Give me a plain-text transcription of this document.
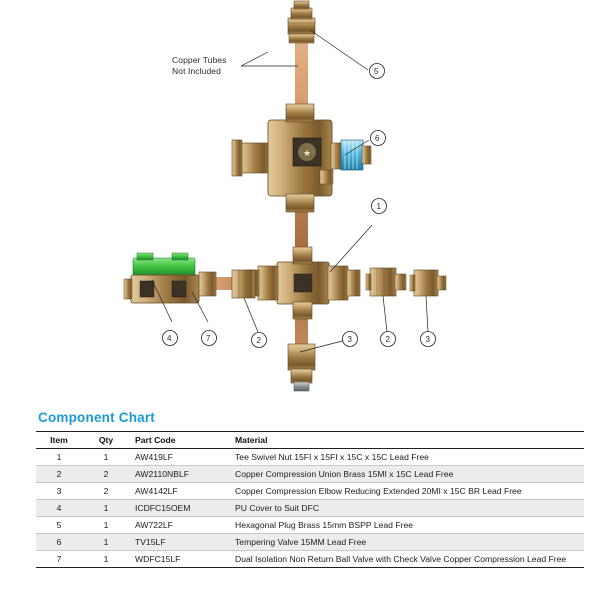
★
5
6
1
4	7	2	3	2	3
Copper Tubes
Not Included
Component Chart
Item	Qty	Part Code	Material
1	1	AW419LF	Tee Swivel Nut 15FI x 15FI x 15C x 15C Lead Free
2	2	AW2110NBLF	Copper Compression Union Brass 15MI x 15C Lead Free
3	2	AW4142LF	Copper Compression Elbow Reducing Extended 20MI x 15C BR Lead Free
4	1	ICDFC15OEM	PU Cover to Suit DFC
5	1	AW722LF	Hexagonal Plug Brass 15mm BSPP Lead Free
6	1	TV15LF	Tempering Valve 15MM Lead Free
7	1	WDFC15LF	Dual Isolation Non Return Ball Valve with Check Valve Copper Compression Lead Free
